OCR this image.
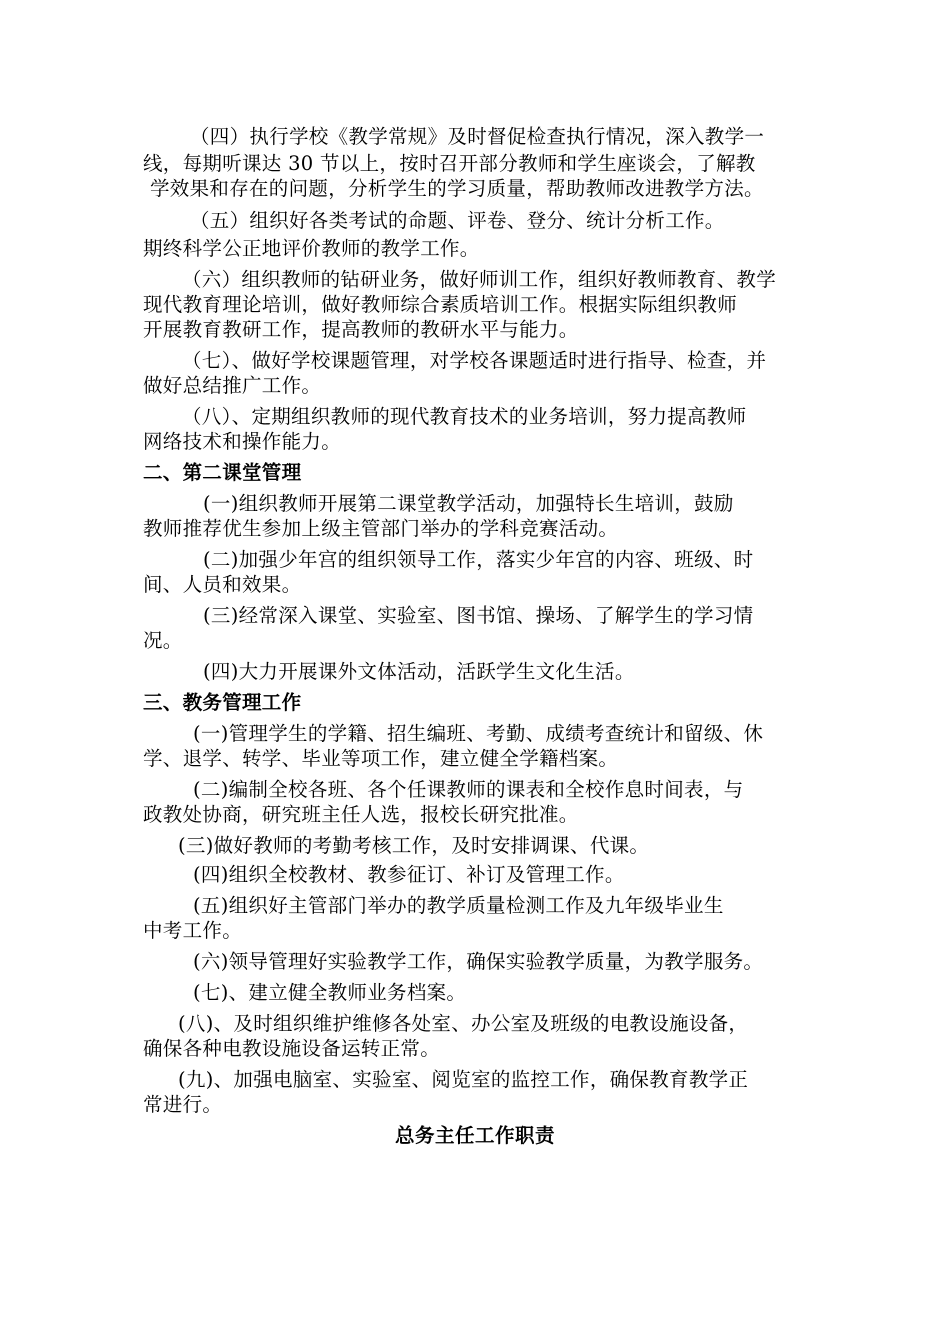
（四）执行学校《教学常规》及时督促检查执行情况，深入教学一
线，每期听课达 30 节以上，按时召开部分教师和学生座谈会，了解教
学效果和存在的问题，分析学生的学习质量，帮助教师改进教学方法。
（五）组织好各类考试的命题、评卷、登分、统计分析工作。
期终科学公正地评价教师的教学工作。
（六）组织教师的钻研业务，做好师训工作，组织好教师教育、教学
现代教育理论培训，做好教师综合素质培训工作。根据实际组织教师
开展教育教研工作，提高教师的教研水平与能力。
（七）、做好学校课题管理，对学校各课题适时进行指导、检查，并
做好总结推广工作。
（八）、定期组织教师的现代教育技术的业务培训，努力提高教师
网络技术和操作能力。
二、第二课堂管理
(一)组织教师开展第二课堂教学活动，加强特长生培训，鼓励
教师推荐优生参加上级主管部门举办的学科竞赛活动。
(二)加强少年宫的组织领导工作，落实少年宫的内容、班级、时
间、人员和效果。
(三)经常深入课堂、实验室、图书馆、操场、了解学生的学习情
况。
(四)大力开展课外文体活动，活跃学生文化生活。
三、教务管理工作
(一)管理学生的学籍、招生编班、考勤、成绩考查统计和留级、休
学、退学、转学、毕业等项工作，建立健全学籍档案。
(二)编制全校各班、各个任课教师的课表和全校作息时间表，与
政教处协商，研究班主任人选，报校长研究批准。
(三)做好教师的考勤考核工作，及时安排调课、代课。
(四)组织全校教材、教参征订、补订及管理工作。
(五)组织好主管部门举办的教学质量检测工作及九年级毕业生
中考工作。
(六)领导管理好实验教学工作，确保实验教学质量，为教学服务。
(七)、建立健全教师业务档案。
(八)、及时组织维护维修各处室、办公室及班级的电教设施设备，
确保各种电教设施设备运转正常。
(九)、加强电脑室、实验室、阅览室的监控工作，确保教育教学正
常进行。
总务主任工作职责
